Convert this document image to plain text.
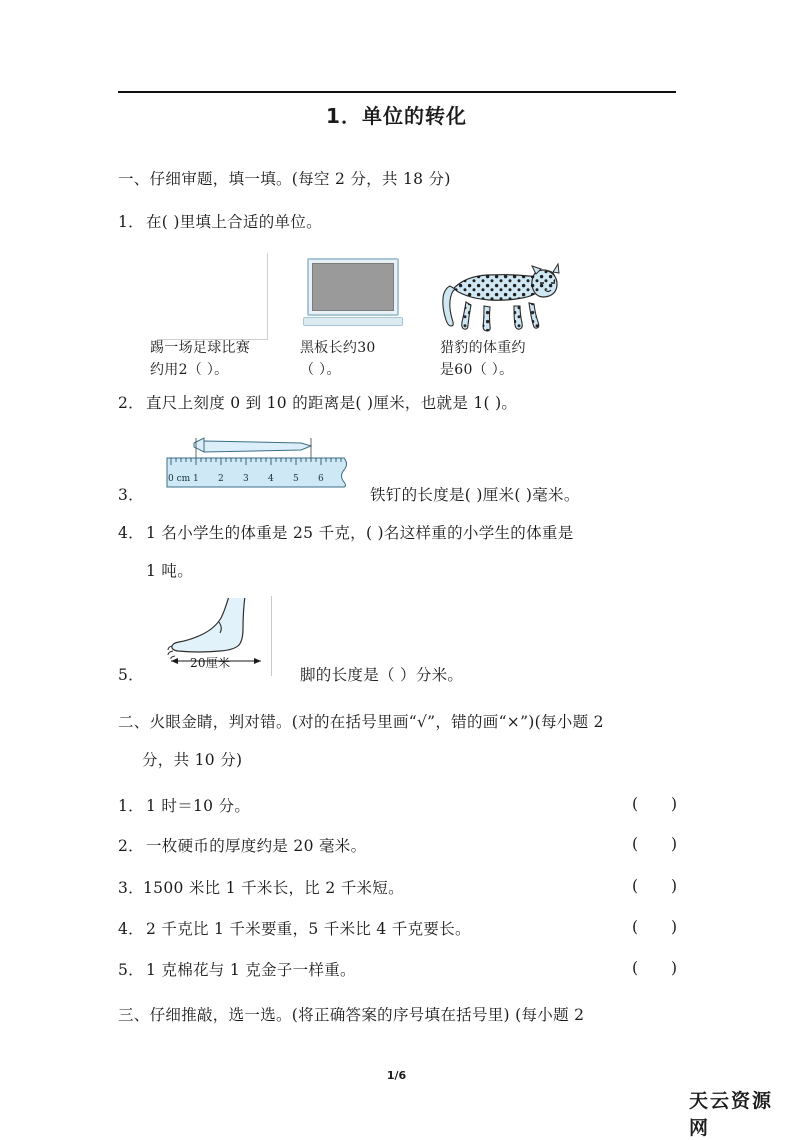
1．单位的转化
一、仔细审题，填一填。(每空 2 分，共 18 分)
1． 在( )里填上合适的单位。
踢一场足球比赛
约用2（ ）。
黑板长约30
（ ）。
猎豹的体重约
是60（ ）。
2． 直尺上刻度 0 到 10 的距离是( )厘米，也就是 1( )。
0 cm 1 2 3 4 5 6
3．	铁钉的长度是( )厘米( )毫米。
4． 1 名小学生的体重是 25 千克，( )名这样重的小学生的体重是
1 吨。
20厘米
5．	脚的长度是（ ）分米。
二、火眼金睛，判对错。(对的在括号里画“√”，错的画“×”)(每小题 2
分，共 10 分)
1． 1 时＝10 分。	( )
2． 一枚硬币的厚度约是 20 毫米。	( )
3． 1500 米比 1 千米长，比 2 千米短。	( )
4． 2 千克比 1 千米要重，5 千米比 4 千克要长。	( )
5． 1 克棉花与 1 克金子一样重。	( )
三、仔细推敲，选一选。(将正确答案的序号填在括号里) (每小题 2
1/6
天云资源网
